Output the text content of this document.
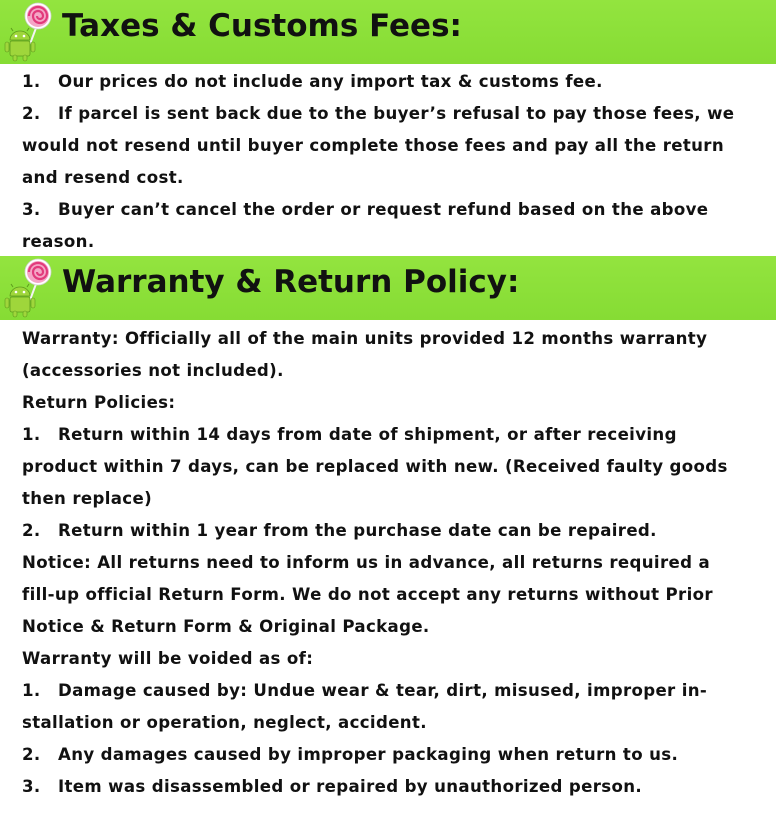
Taxes & Customs Fees:
1. Our prices do not include any import tax & customs fee.
2. If parcel is sent back due to the buyer’s refusal to pay those fees, we
would not resend until buyer complete those fees and pay all the return
and resend cost.
3. Buyer can’t cancel the order or request refund based on the above
reason.
Warranty & Return Policy:
Warranty: Officially all of the main units provided 12 months warranty
(accessories not included).
Return Policies:
1. Return within 14 days from date of shipment, or after receiving
product within 7 days, can be replaced with new. (Received faulty goods
then replace)
2. Return within 1 year from the purchase date can be repaired.
Notice: All returns need to inform us in advance, all returns required a
fill-up official Return Form. We do not accept any returns without Prior
Notice & Return Form & Original Package.
Warranty will be voided as of:
1. Damage caused by: Undue wear & tear, dirt, misused, improper in-
stallation or operation, neglect, accident.
2. Any damages caused by improper packaging when return to us.
3. Item was disassembled or repaired by unauthorized person.
